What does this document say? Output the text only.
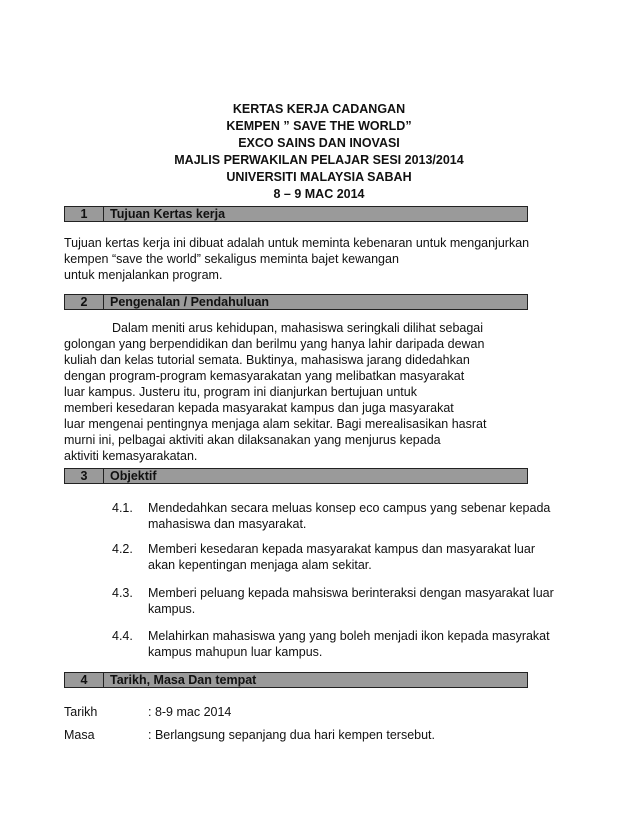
KERTAS KERJA CADANGAN
KEMPEN ” SAVE THE WORLD”
EXCO SAINS DAN INOVASI
MAJLIS PERWAKILAN PELAJAR SESI 2013/2014
UNIVERSITI MALAYSIA SABAH
8 – 9 MAC 2014
1	Tujuan Kertas kerja
Tujuan kertas kerja ini dibuat adalah untuk meminta kebenaran untuk menganjurkan
kempen “save the world” sekaligus meminta bajet kewangan
untuk menjalankan program.
2	Pengenalan / Pendahuluan
Dalam meniti arus kehidupan, mahasiswa seringkali dilihat sebagai
golongan yang berpendidikan dan berilmu yang hanya lahir daripada dewan
kuliah dan kelas tutorial semata. Buktinya, mahasiswa jarang didedahkan
dengan program-program kemasyarakatan yang melibatkan masyarakat
luar kampus. Justeru itu, program ini dianjurkan bertujuan untuk
memberi kesedaran kepada masyarakat kampus dan juga masyarakat
luar mengenai pentingnya menjaga alam sekitar. Bagi merealisasikan hasrat
murni ini, pelbagai aktiviti akan dilaksanakan yang menjurus kepada
aktiviti kemasyarakatan.
3	Objektif
4.1.	Mendedahkan secara meluas konsep eco campus yang sebenar kepada
mahasiswa dan masyarakat.
4.2.	Memberi kesedaran kepada masyarakat kampus dan masyarakat luar
akan kepentingan menjaga alam sekitar.
4.3.	Memberi peluang kepada mahsiswa berinteraksi dengan masyarakat luar
kampus.
4.4.	Melahirkan mahasiswa yang yang boleh menjadi ikon kepada masyrakat
kampus mahupun luar kampus.
4	Tarikh, Masa Dan tempat
Tarikh	: 8-9 mac 2014
Masa	: Berlangsung sepanjang dua hari kempen tersebut.
